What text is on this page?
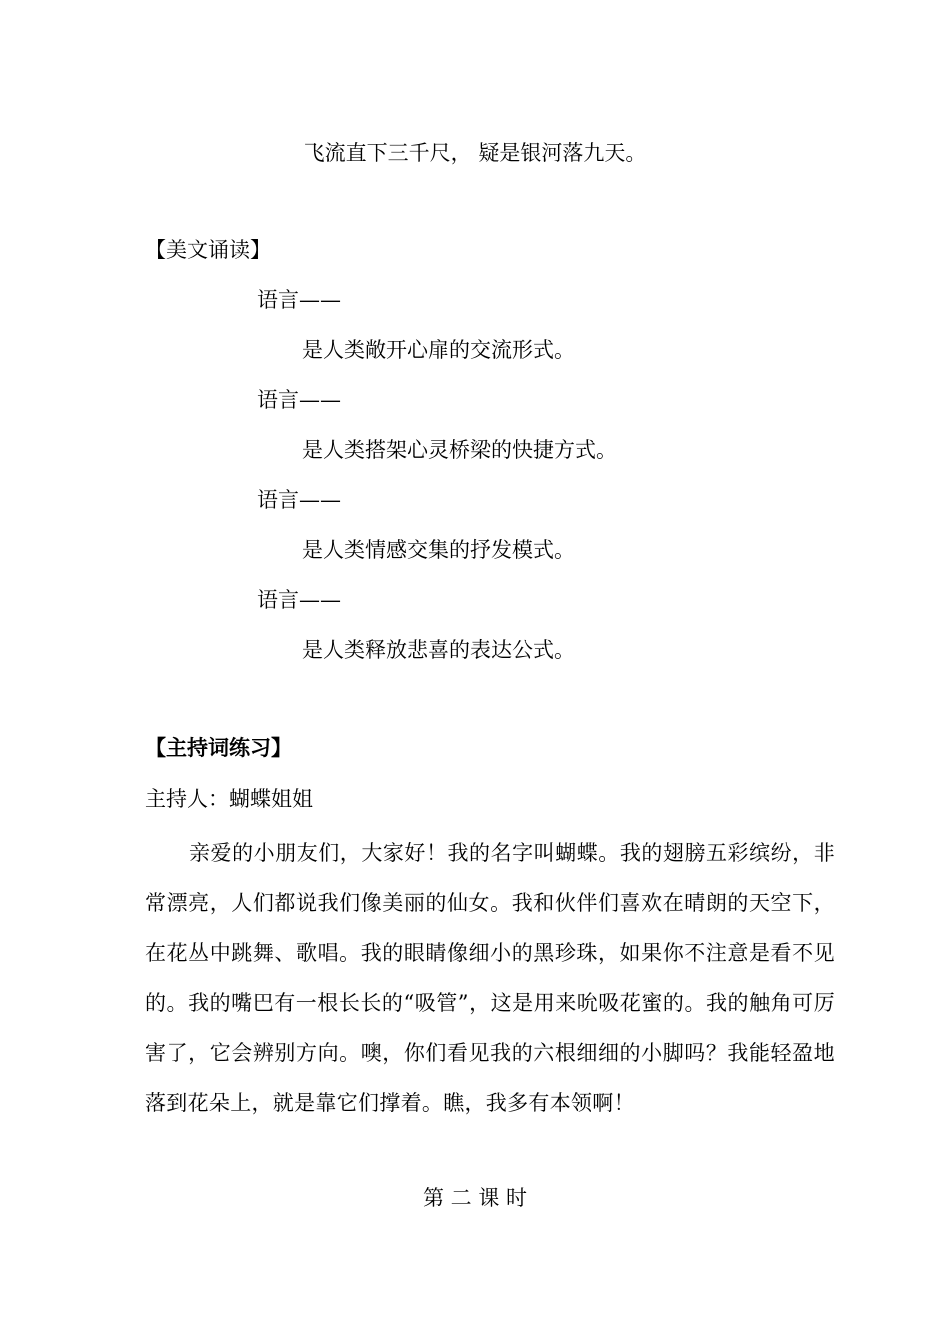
飞流直下三千尺， 疑是银河落九天。
【美文诵读】
语言——
是人类敞开心扉的交流形式。
语言——
是人类搭架心灵桥梁的快捷方式。
语言——
是人类情感交集的抒发模式。
语言——
是人类释放悲喜的表达公式。
【主持词练习】
主持人：蝴蝶姐姐
亲爱的小朋友们，大家好！我的名字叫蝴蝶。我的翅膀五彩缤纷，非常漂亮，人们都说我们像美丽的仙女。我和伙伴们喜欢在晴朗的天空下，在花丛中跳舞、歌唱。我的眼睛像细小的黑珍珠，如果你不注意是看不见的。我的嘴巴有一根长长的“吸管”，这是用来吮吸花蜜的。我的触角可厉害了，它会辨别方向。噢，你们看见我的六根细细的小脚吗？我能轻盈地落到花朵上，就是靠它们撑着。瞧，我多有本领啊！
第 二 课 时
